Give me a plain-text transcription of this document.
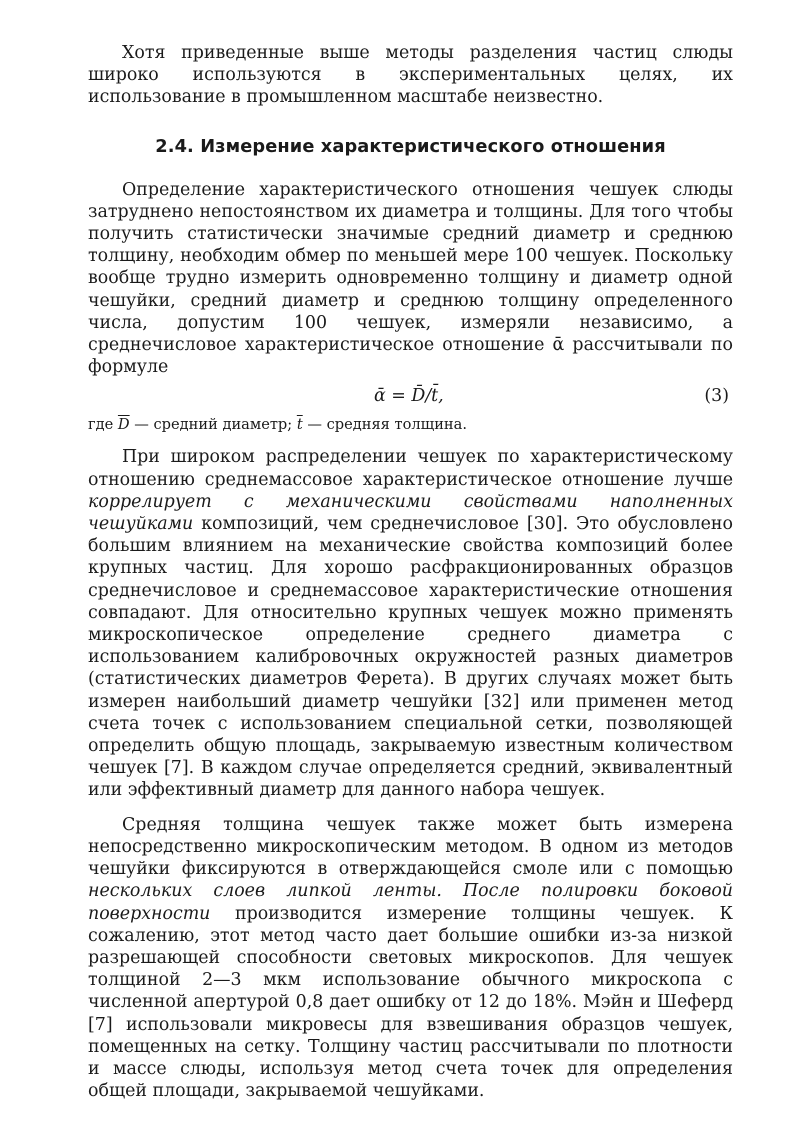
Хотя приведенные выше методы разделения частиц слюды широко используются в экспериментальных целях, их использование в промышленном масштабе неизвестно.

2.4. Измерение характеристического отношения

Определение характеристического отношения чешуек слюды затруднено непостоянством их диаметра и толщины. Для того чтобы получить статистически значимые средний диаметр и среднюю толщину, необходим обмер по меньшей мере 100 чешуек. Поскольку вообще трудно измерить одновременно толщину и диаметр одной чешуйки, средний диаметр и среднюю толщину определенного числа, допустим 100 чешуек, измеряли независимо, а среднечисловое характеристическое отношение ᾱ рассчитывали по формуле

ᾱ = D̄/t̄,	(3)
где $\overline{D}$ — средний диаметр; $\overline{t}$ — средняя толщина.

При широком распределении чешуек по характеристическому отношению среднемассовое характеристическое отношение лучше коррелирует с механическими свойствами наполненных чешуйками композиций, чем среднечисловое [30]. Это обусловлено большим влиянием на механические свойства композиций более крупных частиц. Для хорошо расфракционированных образцов среднечисловое и среднемассовое характеристические отношения совпадают. Для относительно крупных чешуек можно применять микроскопическое определение среднего диаметра с использованием калибровочных окружностей разных диаметров (статистических диаметров Ферета). В других случаях может быть измерен наибольший диаметр чешуйки [32] или применен метод счета точек с использованием специальной сетки, позволяющей определить общую площадь, закрываемую известным количеством чешуек [7]. В каждом случае определяется средний, эквивалентный или эффективный диаметр для данного набора чешуек.

Средняя толщина чешуек также может быть измерена непосредственно микроскопическим методом. В одном из методов чешуйки фиксируются в отверждающейся смоле или с помощью нескольких слоев липкой ленты. После полировки боковой поверхности производится измерение толщины чешуек. К сожалению, этот метод часто дает большие ошибки из-за низкой разрешающей способности световых микроскопов. Для чешуек толщиной 2—3 мкм использование обычного микроскопа с численной апертурой 0,8 дает ошибку от 12 до 18%. Мэйн и Шеферд [7] использовали микровесы для взвешивания образцов чешуек, помещенных на сетку. Толщину частиц рассчитывали по плотности и массе слюды, используя метод счета точек для определения общей площади, закрываемой чешуйками.
